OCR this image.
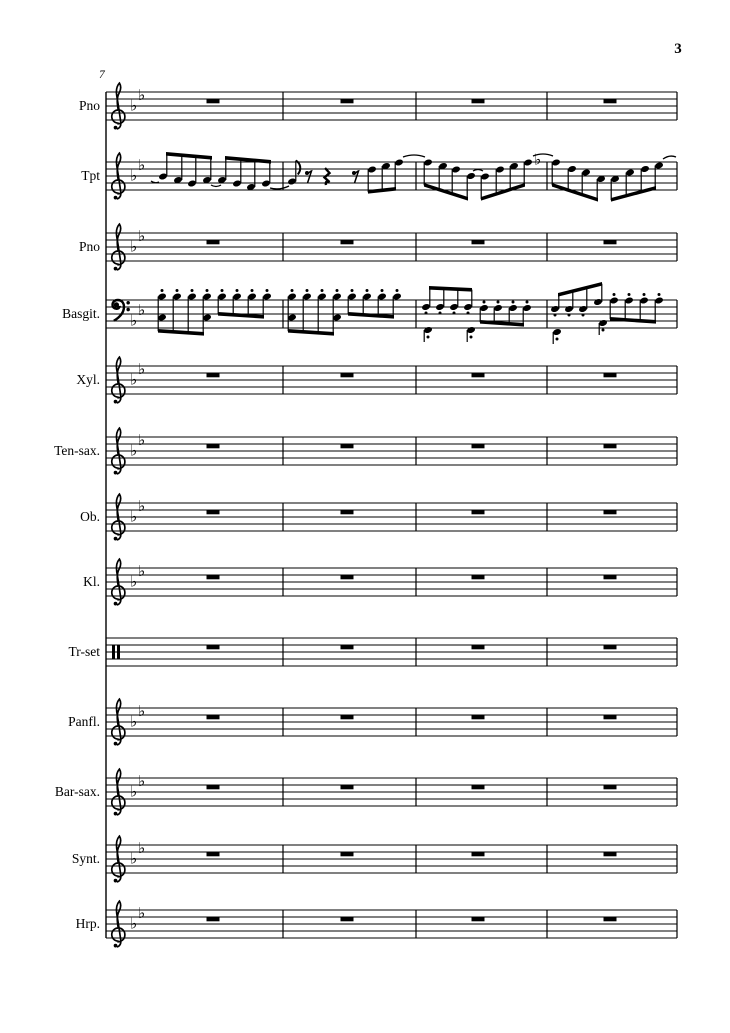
3
7
♭
♭
♭
♭
♭
♭
♭
♭
♭
♭
♭
♭
♭
♭
♭
♭
♭
♭
♭
♭
♭
♭
♭
♭
♭
Pno
Tpt
Pno
Basgit.
Xyl.
Ten-sax.
Ob.
Kl.
Tr-set
Panfl.
Bar-sax.
Synt.
Hrp.
